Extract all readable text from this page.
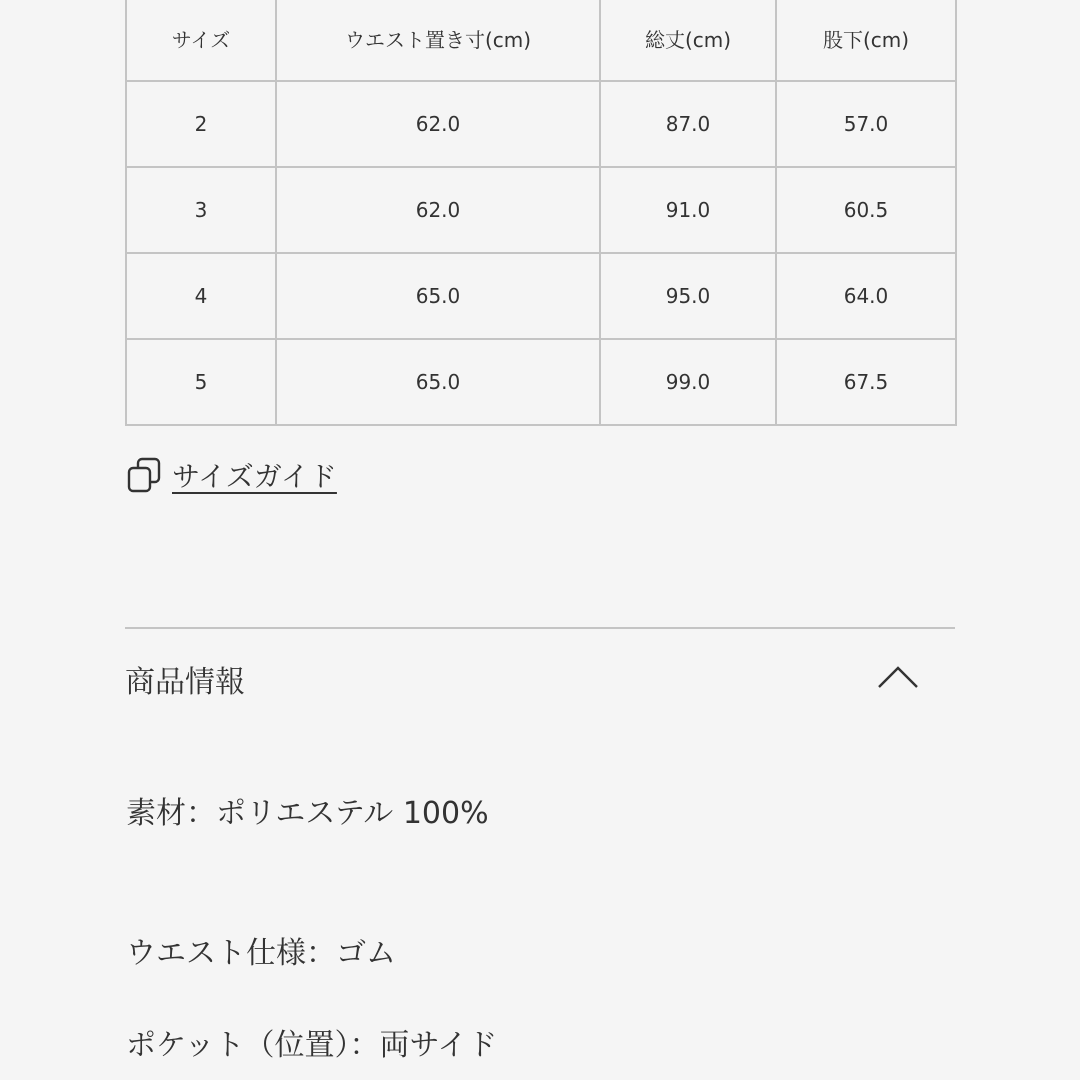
サイズ	ウエスト置き寸(cm)	総丈(cm)	股下(cm)
2	62.0	87.0	57.0
3	62.0	91.0	60.5
4	65.0	95.0	64.0
5	65.0	99.0	67.5
サイズガイド
商品情報
素材：ポリエステル 100%
ウエスト仕様：ゴム
ポケット（位置）：両サイド
